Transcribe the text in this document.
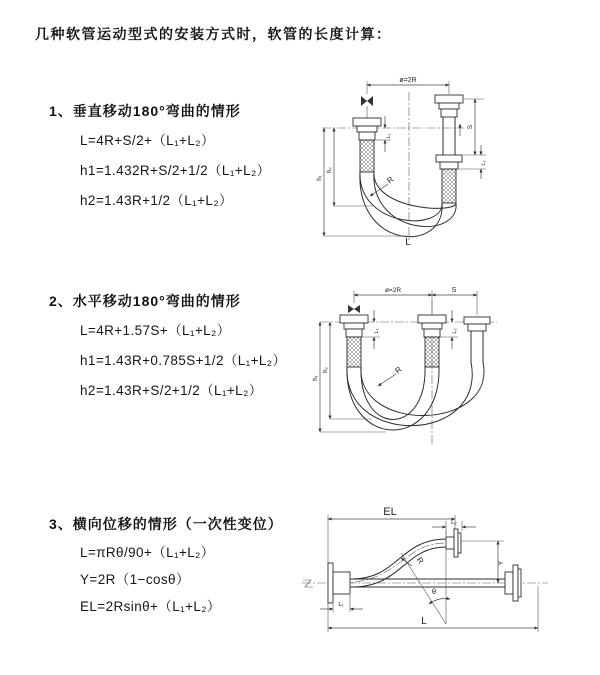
几种软管运动型式的安装方式时，软管的长度计算：
1、垂直移动180°弯曲的情形
L=4R+S/2+（L₁+L₂）
h1=1.432R+S/2+1/2（L₁+L₂）
h2=1.43R+1/2（L₁+L₂）
2、水平移动180°弯曲的情形
L=4R+1.57S+（L₁+L₂）
h1=1.43R+0.785S+1/2（L₁+L₂）
h2=1.43R+S/2+1/2（L₁+L₂）
3、横向位移的情形（一次性变位）
L=πRθ/90+（L₁+L₂）
Y=2R（1−cosθ）
EL=2Rsinθ+（L₁+L₂）
ø=2R
L₁
S
L₂
h₁
h₂
R
L
ø=2R	S
L₁	L₂
h₁
h₂	R
EL
L₂
Y
θ
R
L
L₁
